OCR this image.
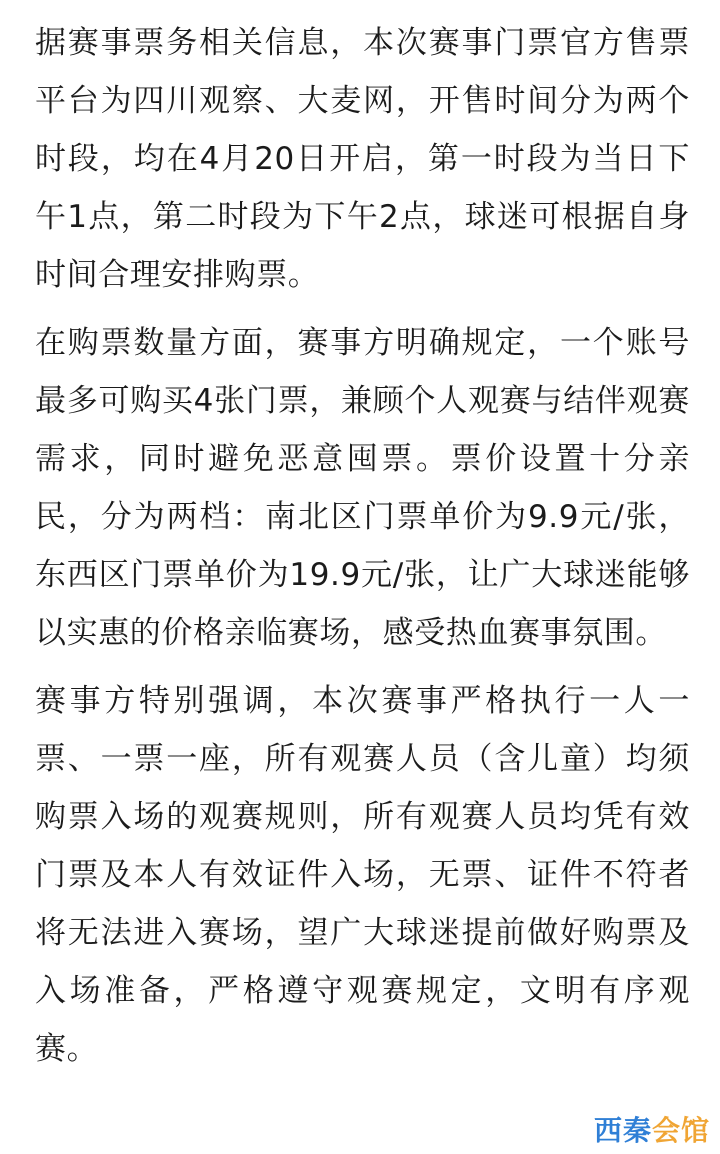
据赛事票务相关信息，本次赛事门票官方售票平台为四川观察、大麦网，开售时间分为两个时段，均在4月20日开启，第一时段为当日下午1点，第二时段为下午2点，球迷可根据自身时间合理安排购票。

在购票数量方面，赛事方明确规定，一个账号最多可购买4张门票，兼顾个人观赛与结伴观赛需求，同时避免恶意囤票。票价设置十分亲民，分为两档：南北区门票单价为9.9元/张，东西区门票单价为19.9元/张，让广大球迷能够以实惠的价格亲临赛场，感受热血赛事氛围。

赛事方特别强调，本次赛事严格执行一人一票、一票一座，所有观赛人员（含儿童）均须购票入场的观赛规则，所有观赛人员均凭有效门票及本人有效证件入场，无票、证件不符者将无法进入赛场，望广大球迷提前做好购票及入场准备，严格遵守观赛规定，文明有序观赛。

西秦会馆
